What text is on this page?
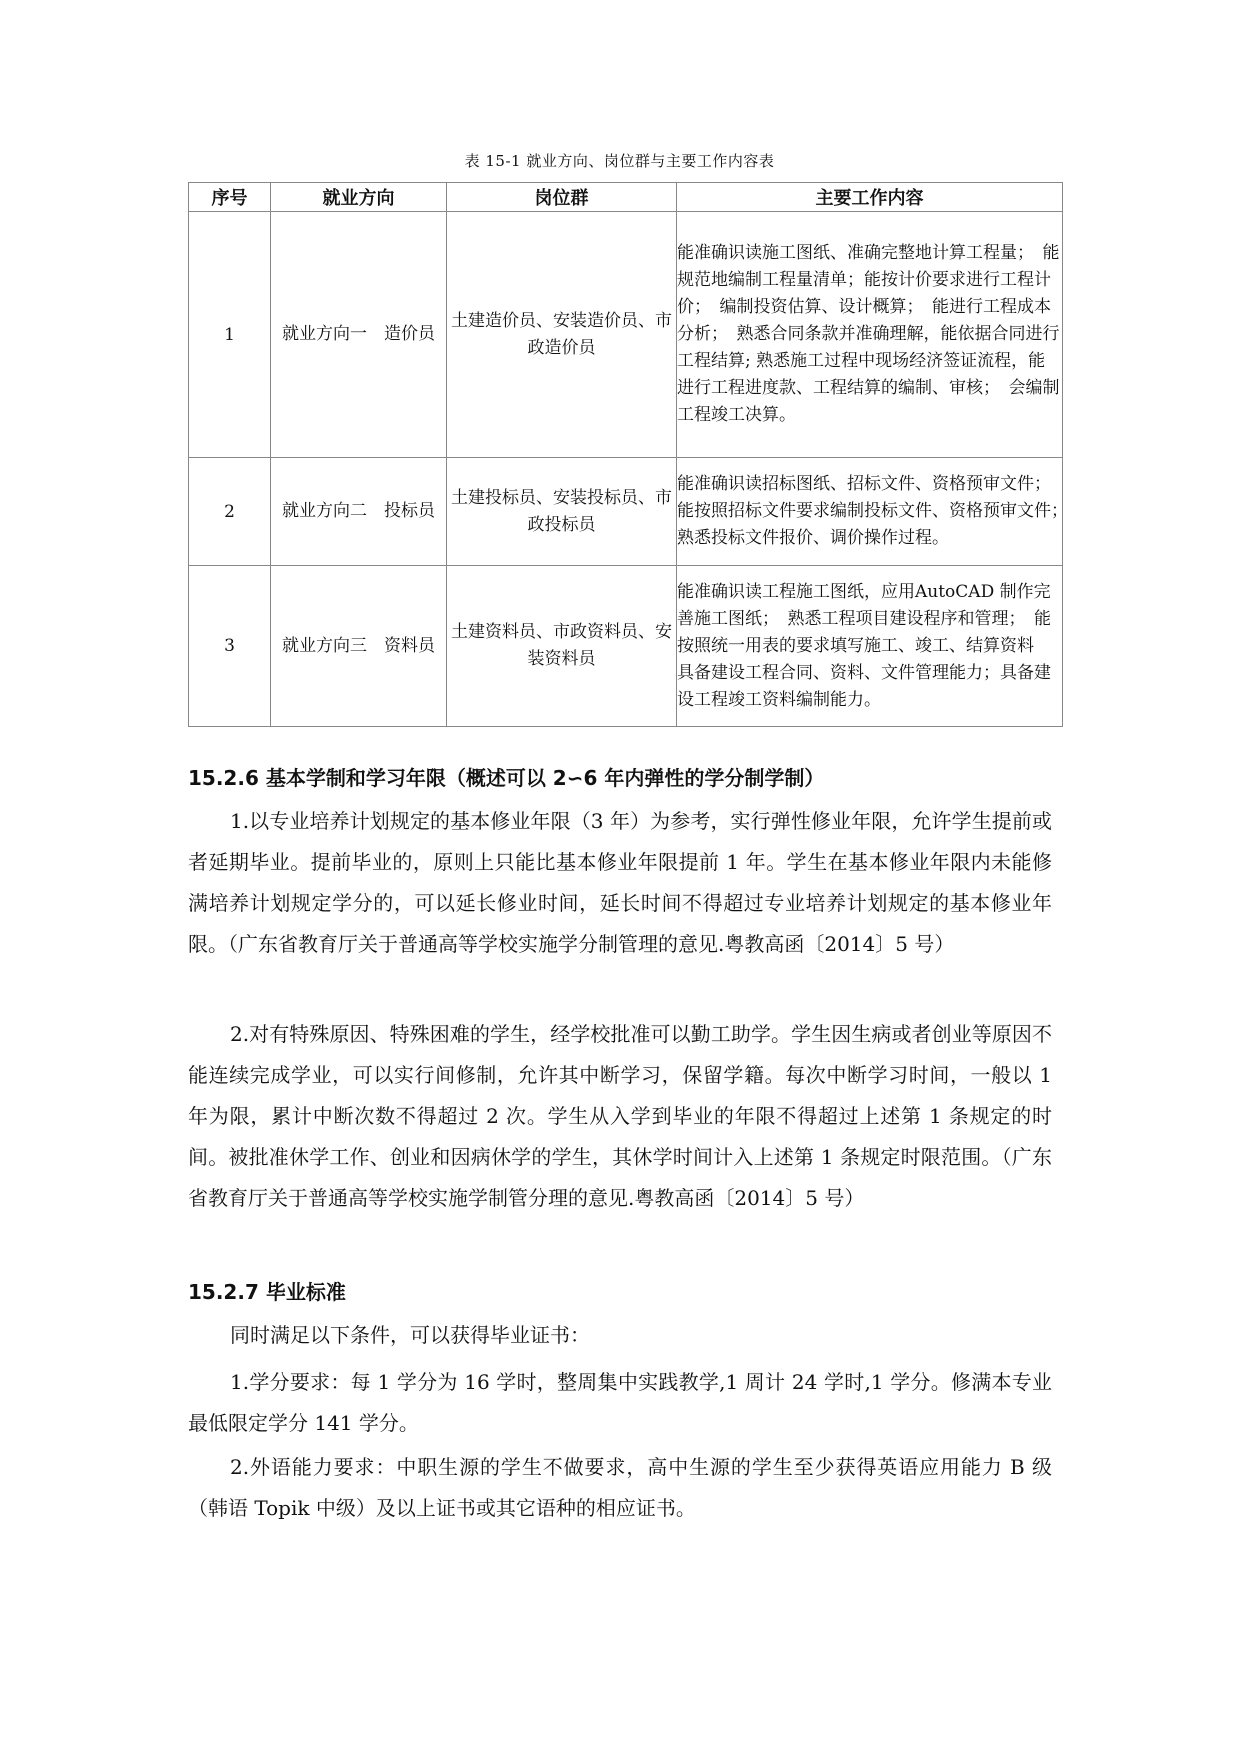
表 15-1 就业方向、岗位群与主要工作内容表
序号	就业方向	岗位群	主要工作内容
1	就业方向一　造价员	土建造价员、安装造价员、市政造价员	能准确识读施工图纸、准确完整地计算工程量；　能规范地编制工程量清单；能按计价要求进行工程计价；　编制投资估算、设计概算；　能进行工程成本分析；　熟悉合同条款并准确理解，能依据合同进行工程结算; 熟悉施工过程中现场经济签证流程，能进行工程进度款、工程结算的编制、审核；　会编制工程竣工决算。
2	就业方向二　投标员	土建投标员、安装投标员、市政投标员	能准确识读招标图纸、招标文件、资格预审文件；　能按照招标文件要求编制投标文件、资格预审文件；　熟悉投标文件报价、调价操作过程。
3	就业方向三　资料员	土建资料员、市政资料员、安装资料员	能准确识读工程施工图纸，应用AutoCAD 制作完善施工图纸；　熟悉工程项目建设程序和管理；　能按照统一用表的要求填写施工、竣工、结算资料　具备建设工程合同、资料、文件管理能力；具备建设工程竣工资料编制能力。
15.2.6 基本学制和学习年限（概述可以 2∽6 年内弹性的学分制学制）
1.以专业培养计划规定的基本修业年限（3 年）为参考，实行弹性修业年限，允许学生提前或者延期毕业。提前毕业的，原则上只能比基本修业年限提前 1 年。学生在基本修业年限内未能修满培养计划规定学分的，可以延长修业时间，延长时间不得超过专业培养计划规定的基本修业年限。（广东省教育厅关于普通高等学校实施学分制管理的意见.粤教高函〔2014〕5 号）
2.对有特殊原因、特殊困难的学生，经学校批准可以勤工助学。学生因生病或者创业等原因不能连续完成学业，可以实行间修制，允许其中断学习，保留学籍。每次中断学习时间，一般以 1 年为限，累计中断次数不得超过 2 次。学生从入学到毕业的年限不得超过上述第 1 条规定的时间。被批准休学工作、创业和因病休学的学生，其休学时间计入上述第 1 条规定时限范围。（广东省教育厅关于普通高等学校实施学制管分理的意见.粤教高函〔2014〕5 号）
15.2.7 毕业标准
同时满足以下条件，可以获得毕业证书：
1.学分要求：每 1 学分为 16 学时，整周集中实践教学,1 周计 24 学时,1 学分。修满本专业最低限定学分 141 学分。
2.外语能力要求：中职生源的学生不做要求，高中生源的学生至少获得英语应用能力 B 级（韩语 Topik 中级）及以上证书或其它语种的相应证书。
